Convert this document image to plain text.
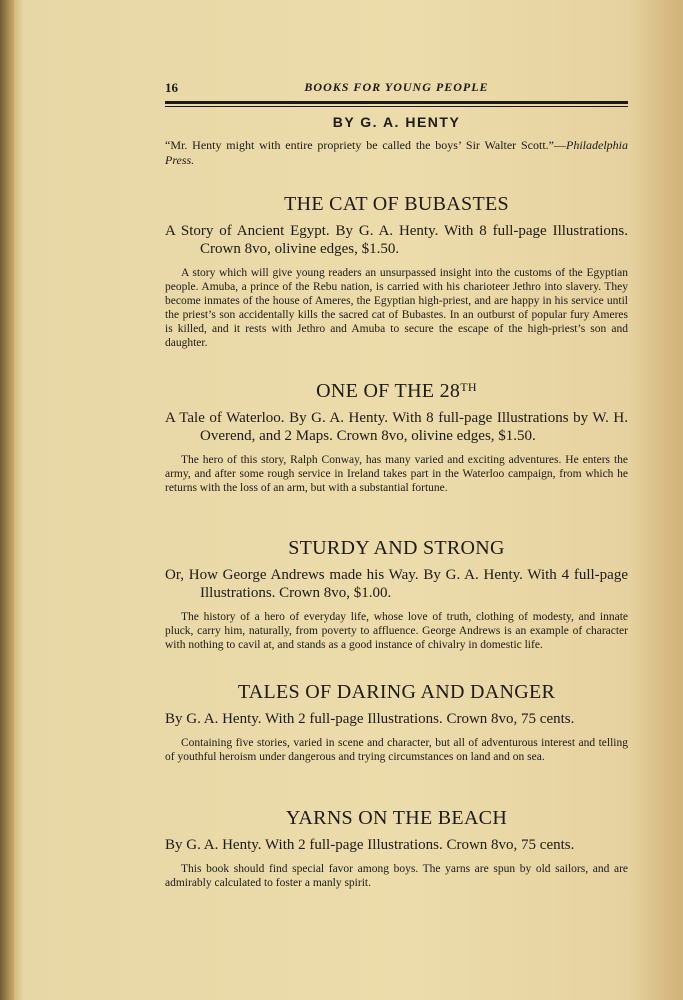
16	BOOKS FOR YOUNG PEOPLE
BY G. A. HENTY

“Mr. Henty might with entire propriety be called the boys’ Sir Walter Scott.”—Philadelphia Press.

THE CAT OF BUBASTES

A Story of Ancient Egypt. By G. A. Henty. With 8 full-page Illustrations. Crown 8vo, olivine edges, $1.50.

A story which will give young readers an unsurpassed insight into the customs of the Egyptian people. Amuba, a prince of the Rebu nation, is carried with his charioteer Jethro into slavery. They become inmates of the house of Ameres, the Egyptian high-priest, and are happy in his service until the priest’s son accidentally kills the sacred cat of Bubastes. In an outburst of popular fury Ameres is killed, and it rests with Jethro and Amuba to secure the escape of the high-priest’s son and daughter.

ONE OF THE 28TH

A Tale of Waterloo. By G. A. Henty. With 8 full-page Illustrations by W. H. Overend, and 2 Maps. Crown 8vo, olivine edges, $1.50.

The hero of this story, Ralph Conway, has many varied and exciting adventures. He enters the army, and after some rough service in Ireland takes part in the Waterloo campaign, from which he returns with the loss of an arm, but with a substantial fortune.

STURDY AND STRONG

Or, How George Andrews made his Way. By G. A. Henty. With 4 full-page Illustrations. Crown 8vo, $1.00.

The history of a hero of everyday life, whose love of truth, clothing of modesty, and innate pluck, carry him, naturally, from poverty to affluence. George Andrews is an example of character with nothing to cavil at, and stands as a good instance of chivalry in domestic life.

TALES OF DARING AND DANGER

By G. A. Henty. With 2 full-page Illustrations. Crown 8vo, 75 cents.

Containing five stories, varied in scene and character, but all of adventurous interest and telling of youthful heroism under dangerous and trying circumstances on land and on sea.

YARNS ON THE BEACH

By G. A. Henty. With 2 full-page Illustrations. Crown 8vo, 75 cents.

This book should find special favor among boys. The yarns are spun by old sailors, and are admirably calculated to foster a manly spirit.
